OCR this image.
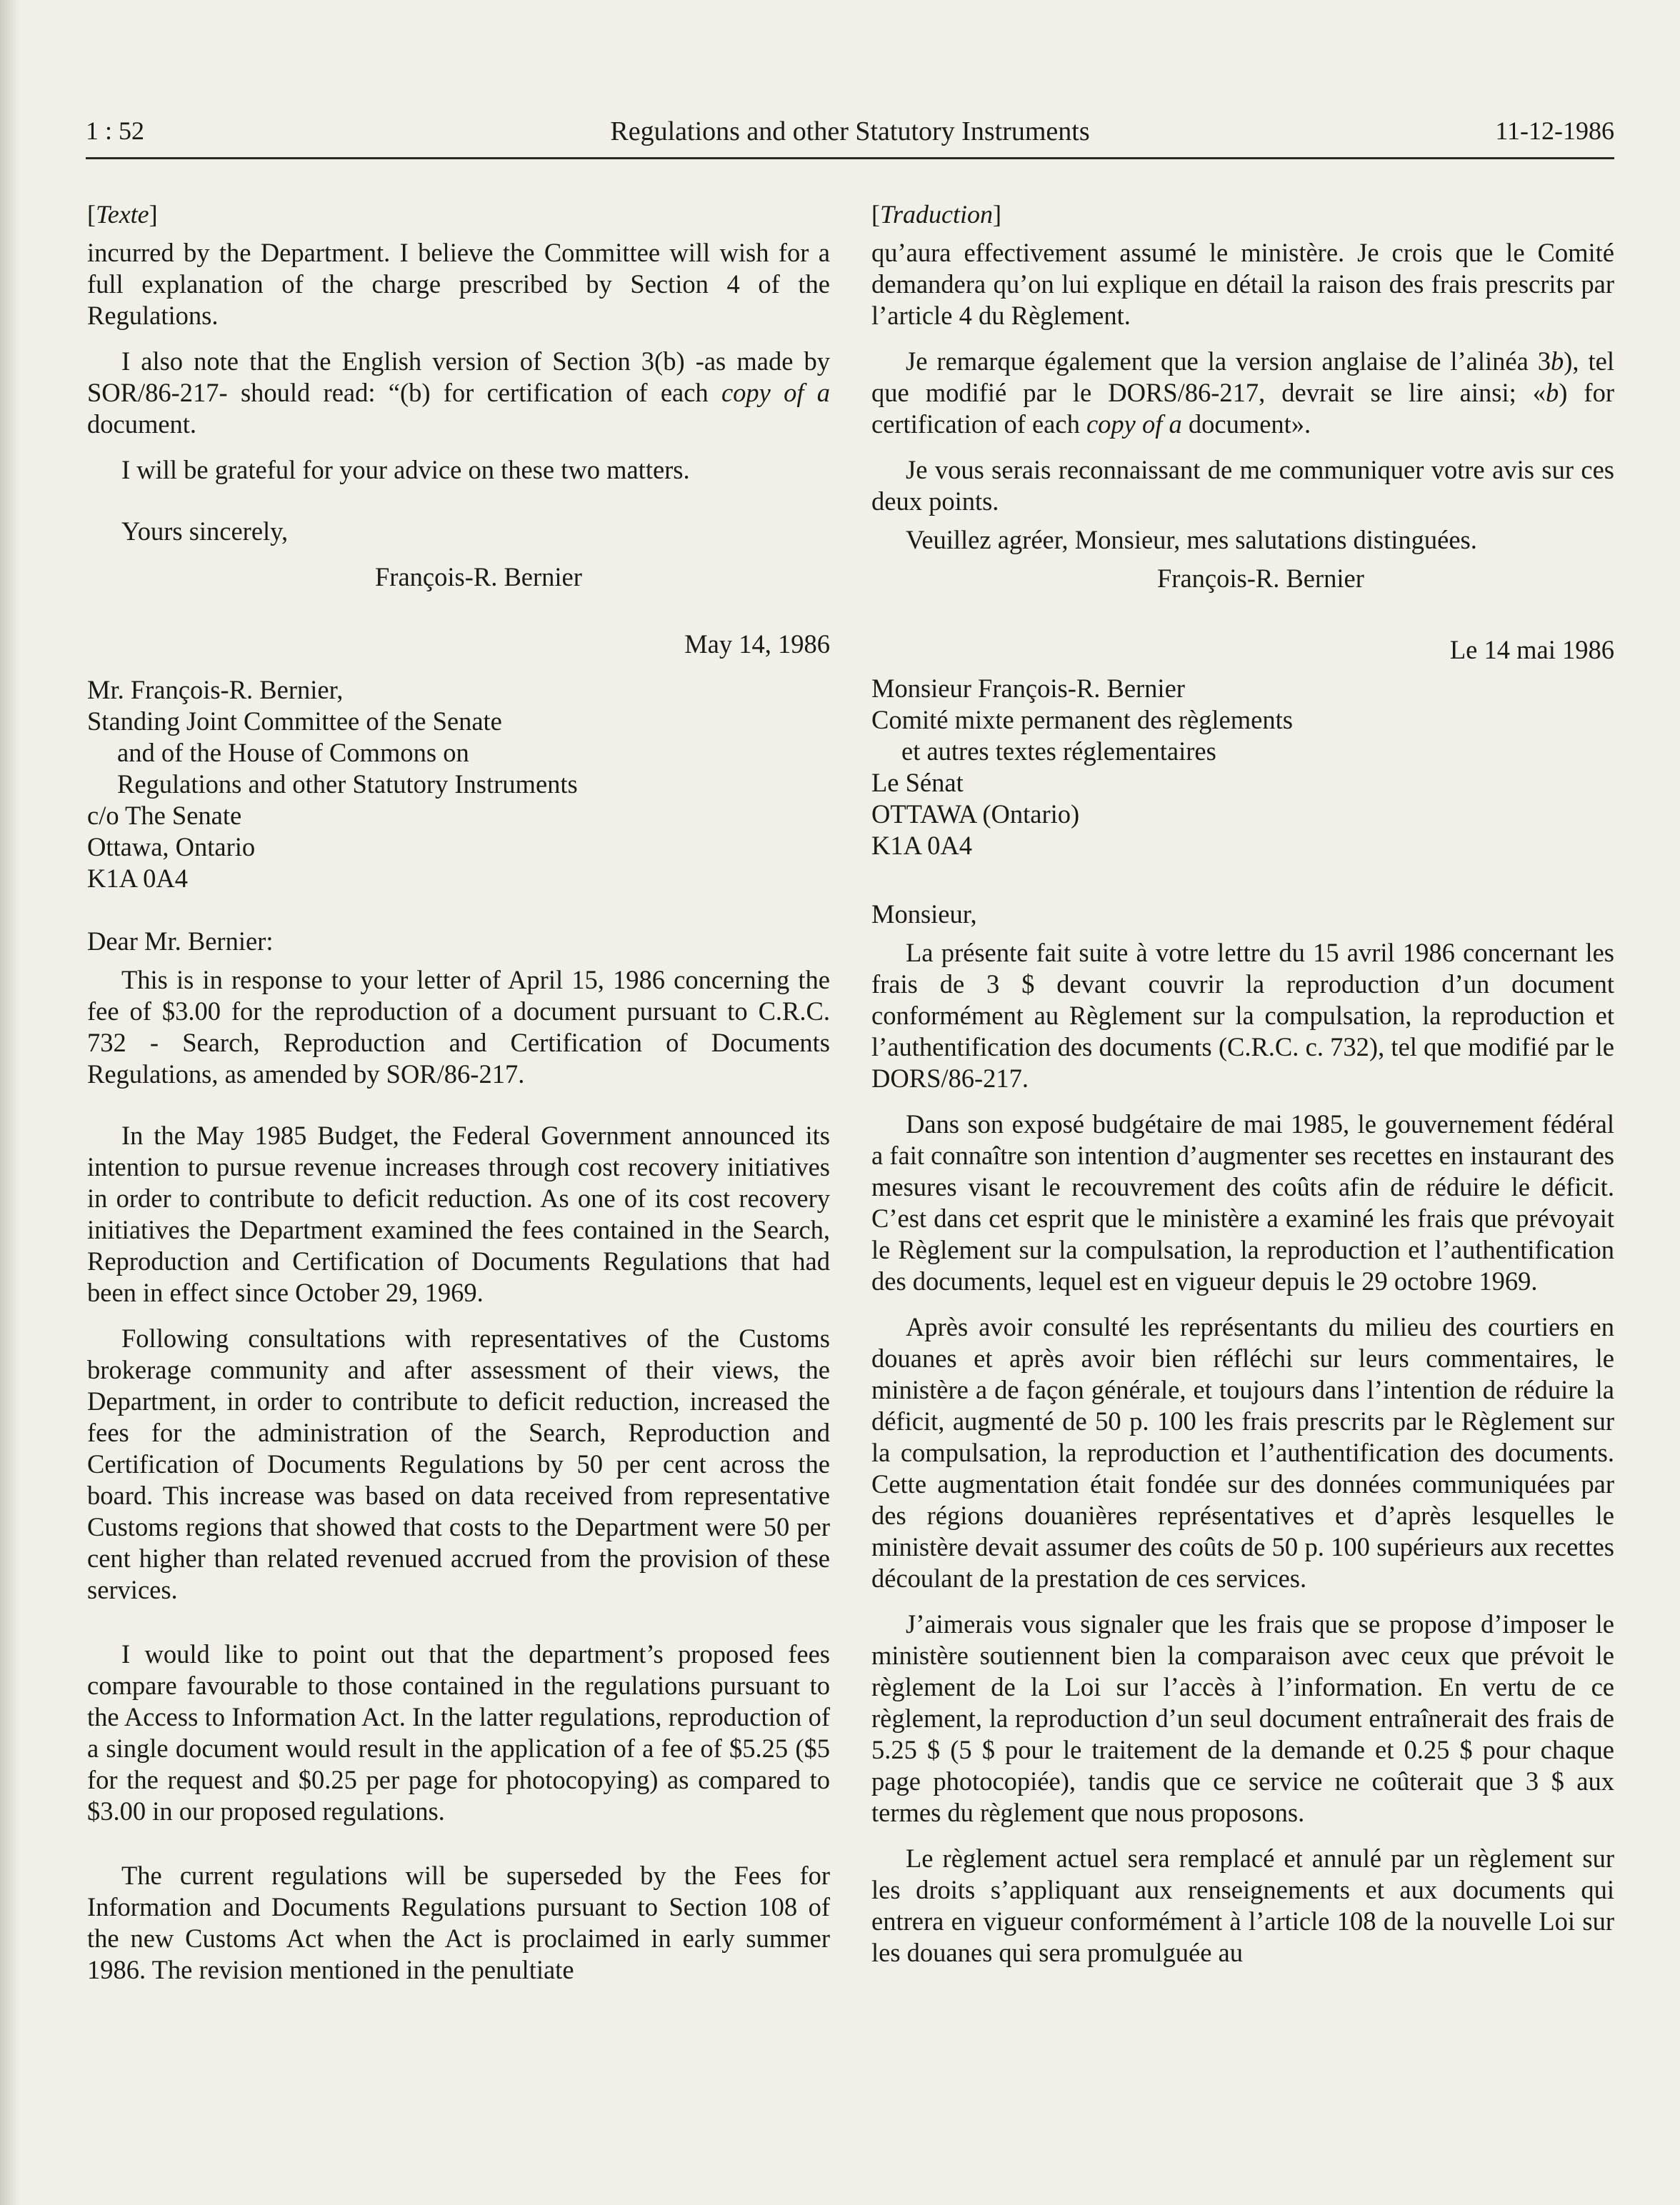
1 : 52	Regulations and other Statutory Instruments	11-12-1986
[Texte]

incurred by the Department. I believe the Committee will wish for a full explanation of the charge prescribed by Section 4 of the Regulations.

I also note that the English version of Section 3(b) -as made by SOR/86-217- should read: “(b) for certification of each copy of a document.

I will be grateful for your advice on these two matters.

Yours sincerely,

François-R. Bernier

May 14, 1986

Mr. François-R. Bernier,
Standing Joint Committee of the Senate
and of the House of Commons on
Regulations and other Statutory Instruments
c/o The Senate
Ottawa, Ontario
K1A 0A4

Dear Mr. Bernier:

This is in response to your letter of April 15, 1986 concerning the fee of $3.00 for the reproduction of a document pursuant to C.R.C. 732 - Search, Reproduction and Certification of Documents Regulations, as amended by SOR/86-217.

In the May 1985 Budget, the Federal Government announced its intention to pursue revenue increases through cost recovery initiatives in order to contribute to deficit reduction. As one of its cost recovery initiatives the Department examined the fees contained in the Search, Reproduction and Certification of Documents Regulations that had been in effect since October 29, 1969.

Following consultations with representatives of the Customs brokerage community and after assessment of their views, the Department, in order to contribute to deficit reduction, increased the fees for the administration of the Search, Reproduction and Certification of Documents Regulations by 50 per cent across the board. This increase was based on data received from representative Customs regions that showed that costs to the Department were 50 per cent higher than related revenued accrued from the provision of these services.

I would like to point out that the department’s proposed fees compare favourable to those contained in the regulations pursuant to the Access to Information Act. In the latter regulations, reproduction of a single document would result in the application of a fee of $5.25 ($5 for the request and $0.25 per page for photocopying) as compared to $3.00 in our proposed regulations.

The current regulations will be superseded by the Fees for Information and Documents Regulations pursuant to Section 108 of the new Customs Act when the Act is proclaimed in early summer 1986. The revision mentioned in the penultiate

[Traduction]

qu’aura effectivement assumé le ministère. Je crois que le Comité demandera qu’on lui explique en détail la raison des frais prescrits par l’article 4 du Règlement.

Je remarque également que la version anglaise de l’alinéa 3b), tel que modifié par le DORS/86-217, devrait se lire ainsi; «b) for certification of each copy of a document».

Je vous serais reconnaissant de me communiquer votre avis sur ces deux points.

Veuillez agréer, Monsieur, mes salutations distinguées.

François-R. Bernier

Le 14 mai 1986

Monsieur François-R. Bernier
Comité mixte permanent des règlements
et autres textes réglementaires
Le Sénat
OTTAWA (Ontario)
K1A 0A4

Monsieur,

La présente fait suite à votre lettre du 15 avril 1986 concernant les frais de 3 $ devant couvrir la reproduction d’un document conformément au Règlement sur la compulsation, la reproduction et l’authentification des documents (C.R.C. c. 732), tel que modifié par le DORS/86-217.

Dans son exposé budgétaire de mai 1985, le gouvernement fédéral a fait connaître son intention d’augmenter ses recettes en instaurant des mesures visant le recouvrement des coûts afin de réduire le déficit. C’est dans cet esprit que le ministère a examiné les frais que prévoyait le Règlement sur la compulsation, la reproduction et l’authentification des documents, lequel est en vigueur depuis le 29 octobre 1969.

Après avoir consulté les représentants du milieu des courtiers en douanes et après avoir bien réfléchi sur leurs commentaires, le ministère a de façon générale, et toujours dans l’intention de réduire la déficit, augmenté de 50 p. 100 les frais prescrits par le Règlement sur la compulsation, la reproduction et l’authentification des documents. Cette augmentation était fondée sur des données communiquées par des régions douanières représentatives et d’après lesquelles le ministère devait assumer des coûts de 50 p. 100 supérieurs aux recettes découlant de la prestation de ces services.

J’aimerais vous signaler que les frais que se propose d’imposer le ministère soutiennent bien la comparaison avec ceux que prévoit le règlement de la Loi sur l’accès à l’information. En vertu de ce règlement, la reproduction d’un seul document entraînerait des frais de 5.25 $ (5 $ pour le traitement de la demande et 0.25 $ pour chaque page photocopiée), tandis que ce service ne coûterait que 3 $ aux termes du règlement que nous proposons.

Le règlement actuel sera remplacé et annulé par un règlement sur les droits s’appliquant aux renseignements et aux documents qui entrera en vigueur conformément à l’article 108 de la nouvelle Loi sur les douanes qui sera promulguée au
